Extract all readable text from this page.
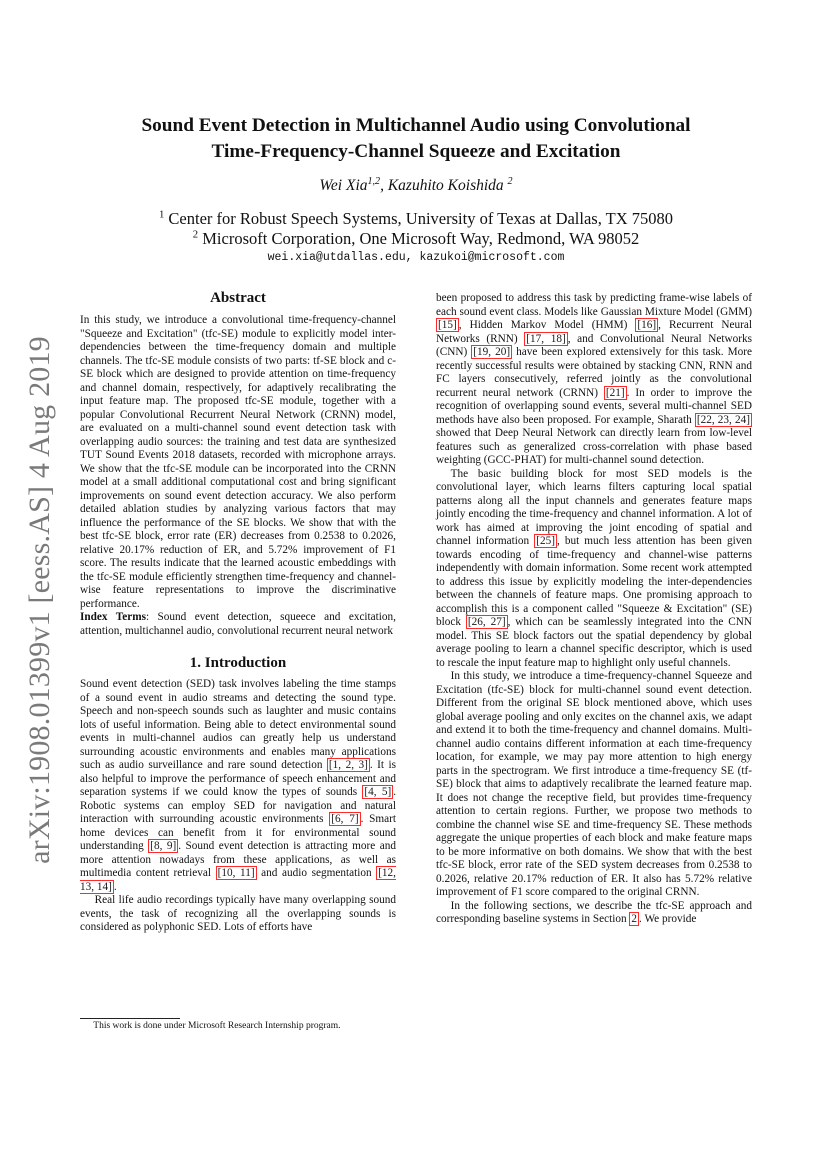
arXiv:1908.01399v1 [eess.AS] 4 Aug 2019
Sound Event Detection in Multichannel Audio using Convolutional
Time-Frequency-Channel Squeeze and Excitation
Wei Xia$^{1,2}$, Kazuhito Koishida $^2$
$^1$ Center for Robust Speech Systems, University of Texas at Dallas, TX 75080
$^2$ Microsoft Corporation, One Microsoft Way, Redmond, WA 98052
wei.xia@utdallas.edu, kazukoi@microsoft.com
Abstract

In this study, we introduce a convolutional time-frequency-channel "Squeeze and Excitation" (tfc-SE) module to explicitly model inter-dependencies between the time-frequency domain and multiple channels. The tfc-SE module consists of two parts: tf-SE block and c-SE block which are designed to provide attention on time-frequency and channel domain, respectively, for adaptively recalibrating the input feature map. The proposed tfc-SE module, together with a popular Convolutional Recurrent Neural Network (CRNN) model, are evaluated on a multi-channel sound event detection task with overlapping audio sources: the training and test data are synthesized TUT Sound Events 2018 datasets, recorded with microphone arrays. We show that the tfc-SE module can be incorporated into the CRNN model at a small additional computational cost and bring significant improvements on sound event detection accuracy. We also perform detailed ablation studies by analyzing various factors that may influence the performance of the SE blocks. We show that with the best tfc-SE block, error rate (ER) decreases from 0.2538 to 0.2026, relative 20.17% reduction of ER, and 5.72% improvement of F1 score. The results indicate that the learned acoustic embeddings with the tfc-SE module efficiently strengthen time-frequency and channel-wise feature representations to improve the discriminative performance.

Index Terms: Sound event detection, squeece and excitation, attention, multichannel audio, convolutional recurrent neural network

1. Introduction

Sound event detection (SED) task involves labeling the time stamps of a sound event in audio streams and detecting the sound type. Speech and non-speech sounds such as laughter and music contains lots of useful information. Being able to detect environmental sound events in multi-channel audios can greatly help us understand surrounding acoustic environments and enables many applications such as audio surveillance and rare sound detection [1, 2, 3] . It is also helpful to improve the performance of speech enhancement and separation systems if we could know the types of sounds [4, 5] . Robotic systems can employ SED for navigation and natural interaction with surrounding acoustic environments [6, 7] . Smart home devices can benefit from it for environmental sound understanding [8, 9] . Sound event detection is attracting more and more attention nowadays from these applications, as well as multimedia content retrieval [10, 11] and audio segmentation [12, 13, 14] .

Real life audio recordings typically have many overlapping sound events, the task of recognizing all the overlapping sounds is considered as polyphonic SED. Lots of efforts have

This work is done under Microsoft Research Internship program.

been proposed to address this task by predicting frame-wise labels of each sound event class. Models like Gaussian Mixture Model (GMM) [15] , Hidden Markov Model (HMM) [16] , Recurrent Neural Networks (RNN) [17, 18] , and Convolutional Neural Networks (CNN) [19, 20] have been explored extensively for this task. More recently successful results were obtained by stacking CNN, RNN and FC layers consecutively, referred jointly as the convolutional recurrent neural network (CRNN) [21] . In order to improve the recognition of overlapping sound events, several multi-channel SED methods have also been proposed. For example, Sharath [22, 23, 24] showed that Deep Neural Network can directly learn from low-level features such as generalized cross-correlation with phase based weighting (GCC-PHAT) for multi-channel sound detection.

The basic building block for most SED models is the convolutional layer, which learns filters capturing local spatial patterns along all the input channels and generates feature maps jointly encoding the time-frequency and channel information. A lot of work has aimed at improving the joint encoding of spatial and channel information [25] , but much less attention has been given towards encoding of time-frequency and channel-wise patterns independently with domain information. Some recent work attempted to address this issue by explicitly modeling the inter-dependencies between the channels of feature maps. One promising approach to accomplish this is a component called "Squeeze & Excitation" (SE) block [26, 27] , which can be seamlessly integrated into the CNN model. This SE block factors out the spatial dependency by global average pooling to learn a channel specific descriptor, which is used to rescale the input feature map to highlight only useful channels.

In this study, we introduce a time-frequency-channel Squeeze and Excitation (tfc-SE) block for multi-channel sound event detection. Different from the original SE block mentioned above, which uses global average pooling and only excites on the channel axis, we adapt and extend it to both the time-frequency and channel domains. Multi-channel audio contains different information at each time-frequency location, for example, we may pay more attention to high energy parts in the spectrogram. We first introduce a time-frequency SE (tf-SE) block that aims to adaptively recalibrate the learned feature map. It does not change the receptive field, but provides time-frequency attention to certain regions. Further, we propose two methods to combine the channel wise SE and time-frequency SE. These methods aggregate the unique properties of each block and make feature maps to be more informative on both domains. We show that with the best tfc-SE block, error rate of the SED system decreases from 0.2538 to 0.2026, relative 20.17% reduction of ER. It also has 5.72% relative improvement of F1 score compared to the original CRNN.

In the following sections, we describe the tfc-SE approach and corresponding baseline systems in Section 2 . We provide
